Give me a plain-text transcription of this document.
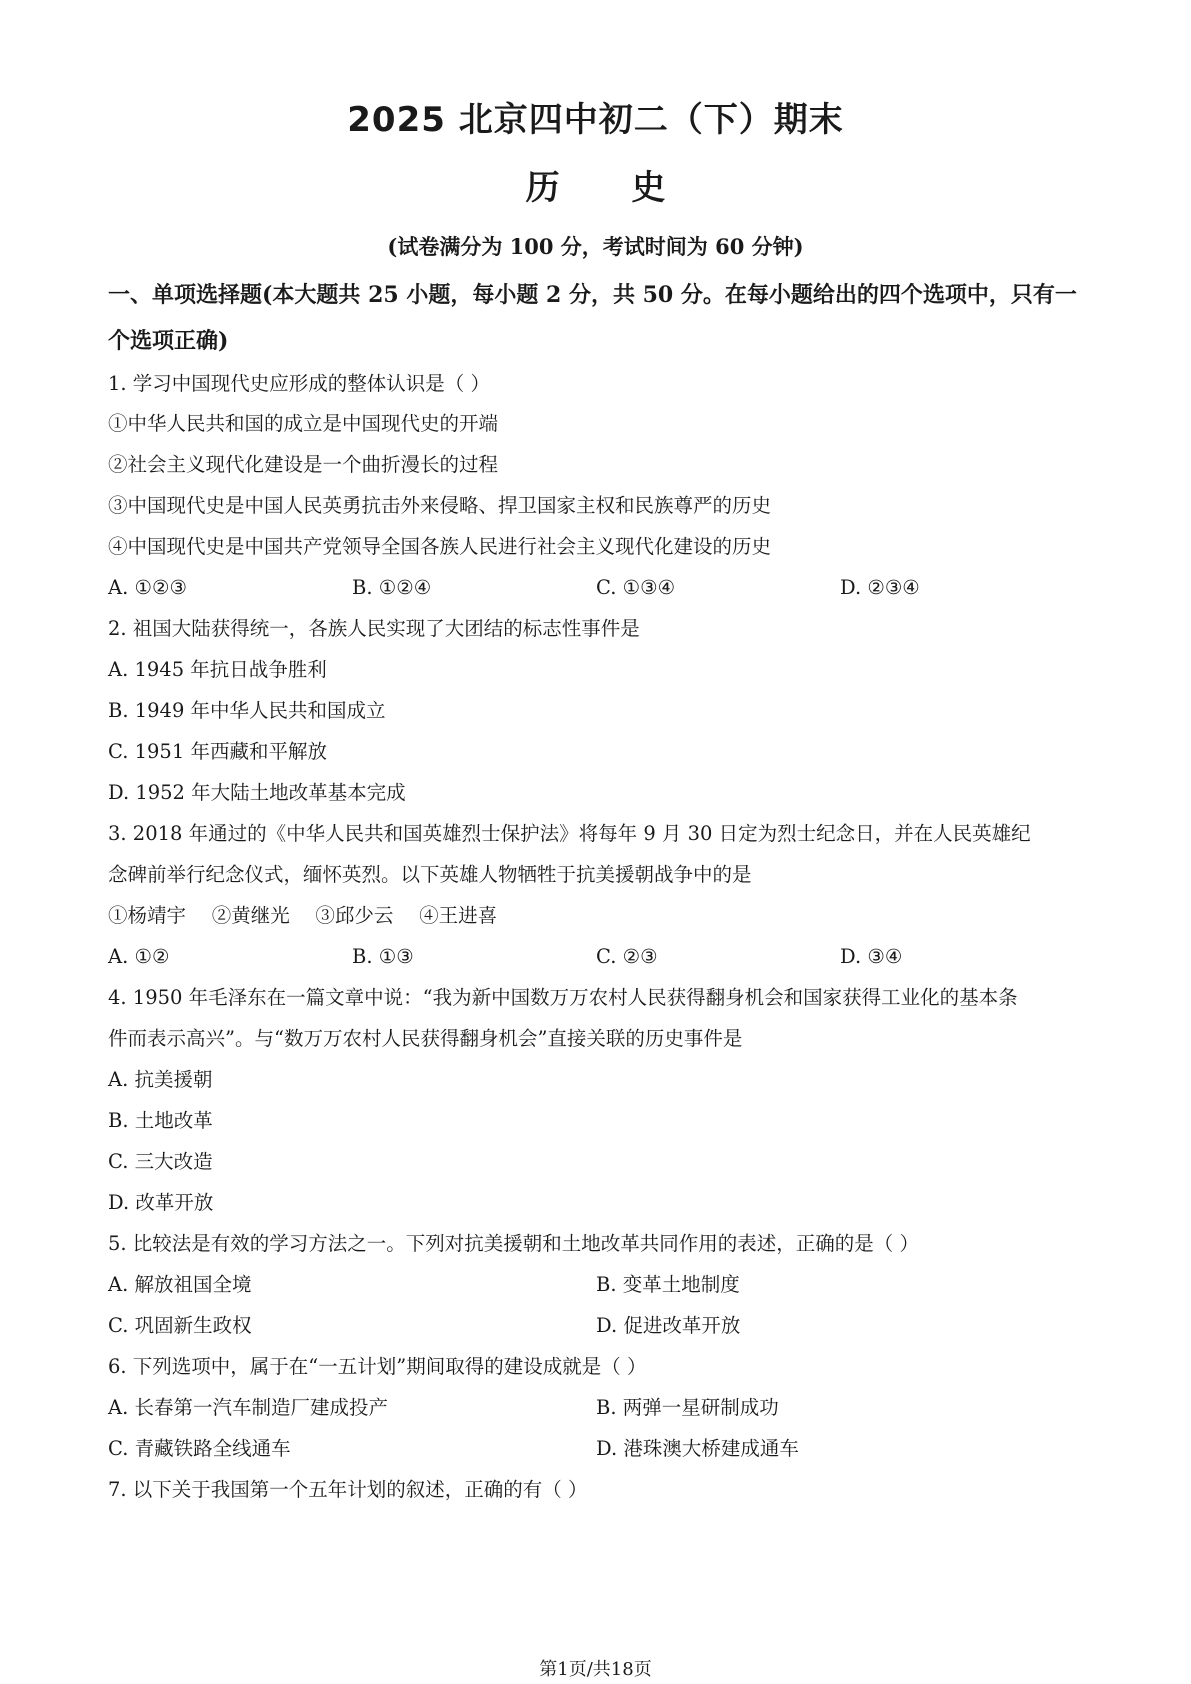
2025 北京四中初二（下）期末
历 史
(试卷满分为 100 分，考试时间为 60 分钟)
一、单项选择题(本大题共 25 小题，每小题 2 分，共 50 分。在每小题给出的四个选项中，只有一个选项正确)
1. 学习中国现代史应形成的整体认识是（ ）
①中华人民共和国的成立是中国现代史的开端
②社会主义现代化建设是一个曲折漫长的过程
③中国现代史是中国人民英勇抗击外来侵略、捍卫国家主权和民族尊严的历史
④中国现代史是中国共产党领导全国各族人民进行社会主义现代化建设的历史
A. ①②③	B. ①②④	C. ①③④	D. ②③④
2. 祖国大陆获得统一，各族人民实现了大团结的标志性事件是
A. 1945 年抗日战争胜利
B. 1949 年中华人民共和国成立
C. 1951 年西藏和平解放
D. 1952 年大陆土地改革基本完成
3. 2018 年通过的《中华人民共和国英雄烈士保护法》将每年 9 月 30 日定为烈士纪念日，并在人民英雄纪
念碑前举行纪念仪式，缅怀英烈。以下英雄人物牺牲于抗美援朝战争中的是
①杨靖宇　 ②黄继光　 ③邱少云　 ④王进喜
A. ①②	B. ①③	C. ②③	D. ③④
4. 1950 年毛泽东在一篇文章中说：“我为新中国数万万农村人民获得翻身机会和国家获得工业化的基本条
件而表示高兴”。与“数万万农村人民获得翻身机会”直接关联的历史事件是
A. 抗美援朝
B. 土地改革
C. 三大改造
D. 改革开放
5. 比较法是有效的学习方法之一。下列对抗美援朝和土地改革共同作用的表述，正确的是（ ）
A. 解放祖国全境	B. 变革土地制度
C. 巩固新生政权	D. 促进改革开放
6. 下列选项中，属于在“一五计划”期间取得的建设成就是（ ）
A. 长春第一汽车制造厂建成投产	B. 两弹一星研制成功
C. 青藏铁路全线通车	D. 港珠澳大桥建成通车
7. 以下关于我国第一个五年计划的叙述，正确的有（ ）
第1页/共18页
